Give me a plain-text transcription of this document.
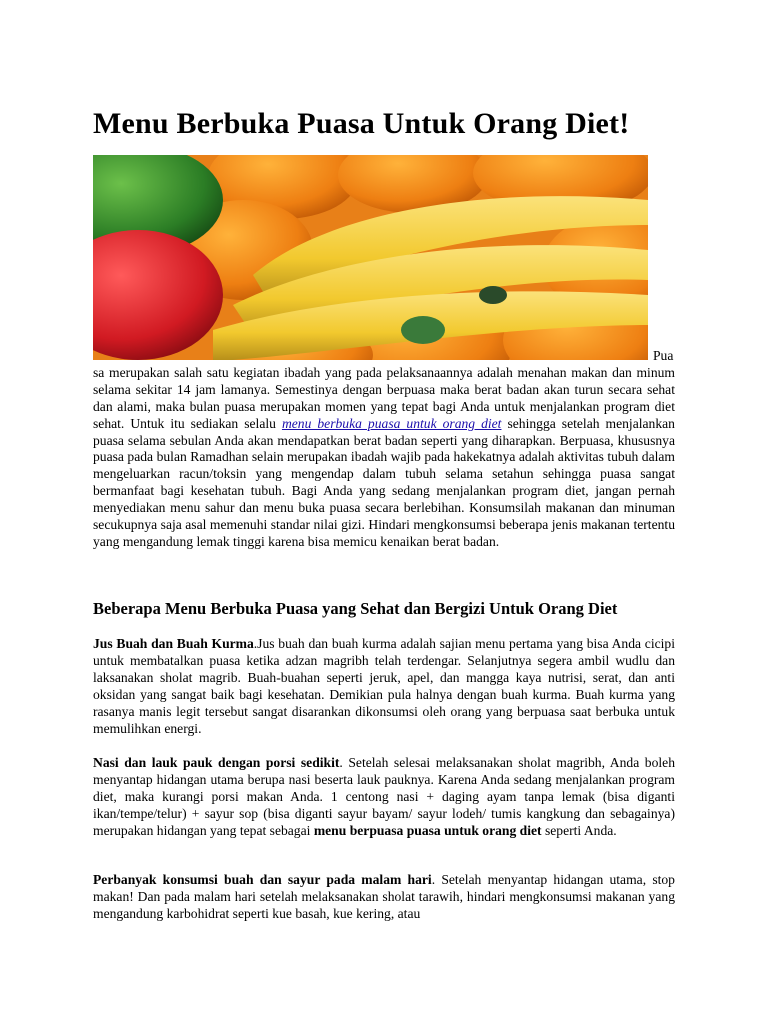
Menu Berbuka Puasa Untuk Orang Diet!

Pua sa merupakan salah satu kegiatan ibadah yang pada pelaksanaannya adalah menahan makan dan minum selama sekitar 14 jam lamanya. Semestinya dengan berpuasa maka berat badan akan turun secara sehat dan alami, maka bulan puasa merupakan momen yang tepat bagi Anda untuk menjalankan program diet sehat. Untuk itu sediakan selalu menu berbuka puasa untuk orang diet sehingga setelah menjalankan puasa selama sebulan Anda akan mendapatkan berat badan seperti yang diharapkan. Berpuasa, khususnya puasa pada bulan Ramadhan selain merupakan ibadah wajib pada hakekatnya adalah aktivitas tubuh dalam mengeluarkan racun/toksin yang mengendap dalam tubuh selama setahun sehingga puasa sangat bermanfaat bagi kesehatan tubuh. Bagi Anda yang sedang menjalankan program diet, jangan pernah menyediakan menu sahur dan menu buka puasa secara berlebihan. Konsumsilah makanan dan minuman secukupnya saja asal memenuhi standar nilai gizi. Hindari mengkonsumsi beberapa jenis makanan tertentu yang mengandung lemak tinggi karena bisa memicu kenaikan berat badan.

Beberapa Menu Berbuka Puasa yang Sehat dan Bergizi Untuk Orang Diet

Jus Buah dan Buah Kurma.Jus buah dan buah kurma adalah sajian menu pertama yang bisa Anda cicipi untuk membatalkan puasa ketika adzan magribh telah terdengar. Selanjutnya segera ambil wudlu dan laksanakan sholat magrib. Buah-buahan seperti jeruk, apel, dan mangga kaya nutrisi, serat, dan anti oksidan yang sangat baik bagi kesehatan. Demikian pula halnya dengan buah kurma. Buah kurma yang rasanya manis legit tersebut sangat disarankan dikonsumsi oleh orang yang berpuasa saat berbuka untuk memulihkan energi.

Nasi dan lauk pauk dengan porsi sedikit. Setelah selesai melaksanakan sholat magribh, Anda boleh menyantap hidangan utama berupa nasi beserta lauk pauknya. Karena Anda sedang menjalankan program diet, maka kurangi porsi makan Anda. 1 centong nasi + daging ayam tanpa lemak (bisa diganti ikan/tempe/telur) + sayur sop (bisa diganti sayur bayam/ sayur lodeh/ tumis kangkung dan sebagainya) merupakan hidangan yang tepat sebagai menu berpuasa puasa untuk orang diet seperti Anda.

Perbanyak konsumsi buah dan sayur pada malam hari. Setelah menyantap hidangan utama, stop makan! Dan pada malam hari setelah melaksanakan sholat tarawih, hindari mengkonsumsi makanan yang mengandung karbohidrat seperti kue basah, kue kering, atau
